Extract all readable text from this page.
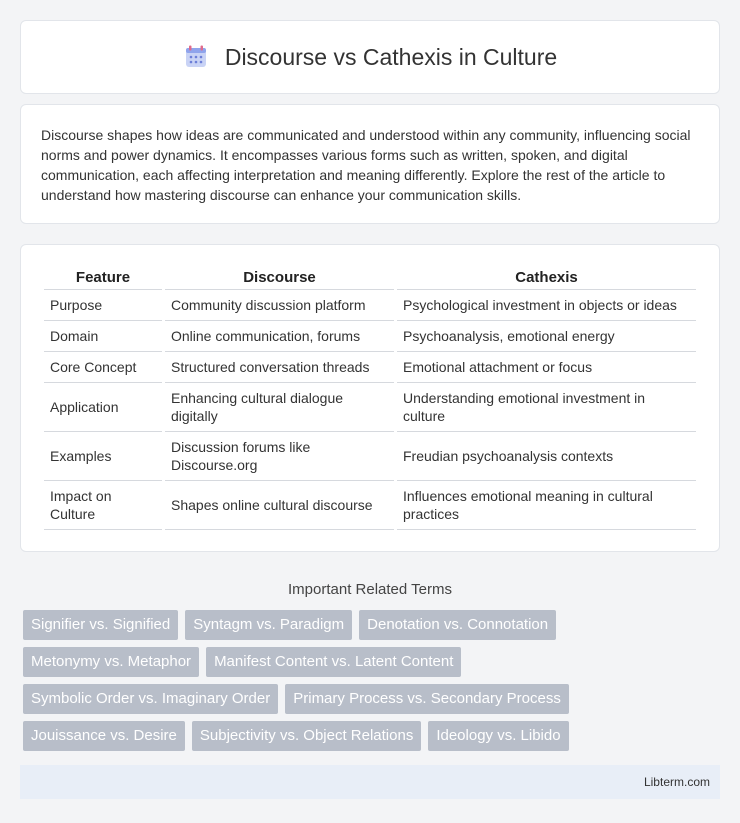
Discourse vs Cathexis in Culture

Discourse shapes how ideas are communicated and understood within any community, influencing social norms and power dynamics. It encompasses various forms such as written, spoken, and digital communication, each affecting interpretation and meaning differently. Explore the rest of the article to understand how mastering discourse can enhance your communication skills.

Feature	Discourse	Cathexis
Purpose	Community discussion platform	Psychological investment in objects or ideas
Domain	Online communication, forums	Psychoanalysis, emotional energy
Core Concept	Structured conversation threads	Emotional attachment or focus
Application	Enhancing cultural dialogue digitally	Understanding emotional investment in culture
Examples	Discussion forums like Discourse.org	Freudian psychoanalysis contexts
Impact on Culture	Shapes online cultural discourse	Influences emotional meaning in cultural practices
Important Related Terms
Signifier vs. Signified	Syntagm vs. Paradigm	Denotation vs. Connotation
Metonymy vs. Metaphor	Manifest Content vs. Latent Content
Symbolic Order vs. Imaginary Order	Primary Process vs. Secondary Process
Jouissance vs. Desire	Subjectivity vs. Object Relations	Ideology vs. Libido
Libterm.com
